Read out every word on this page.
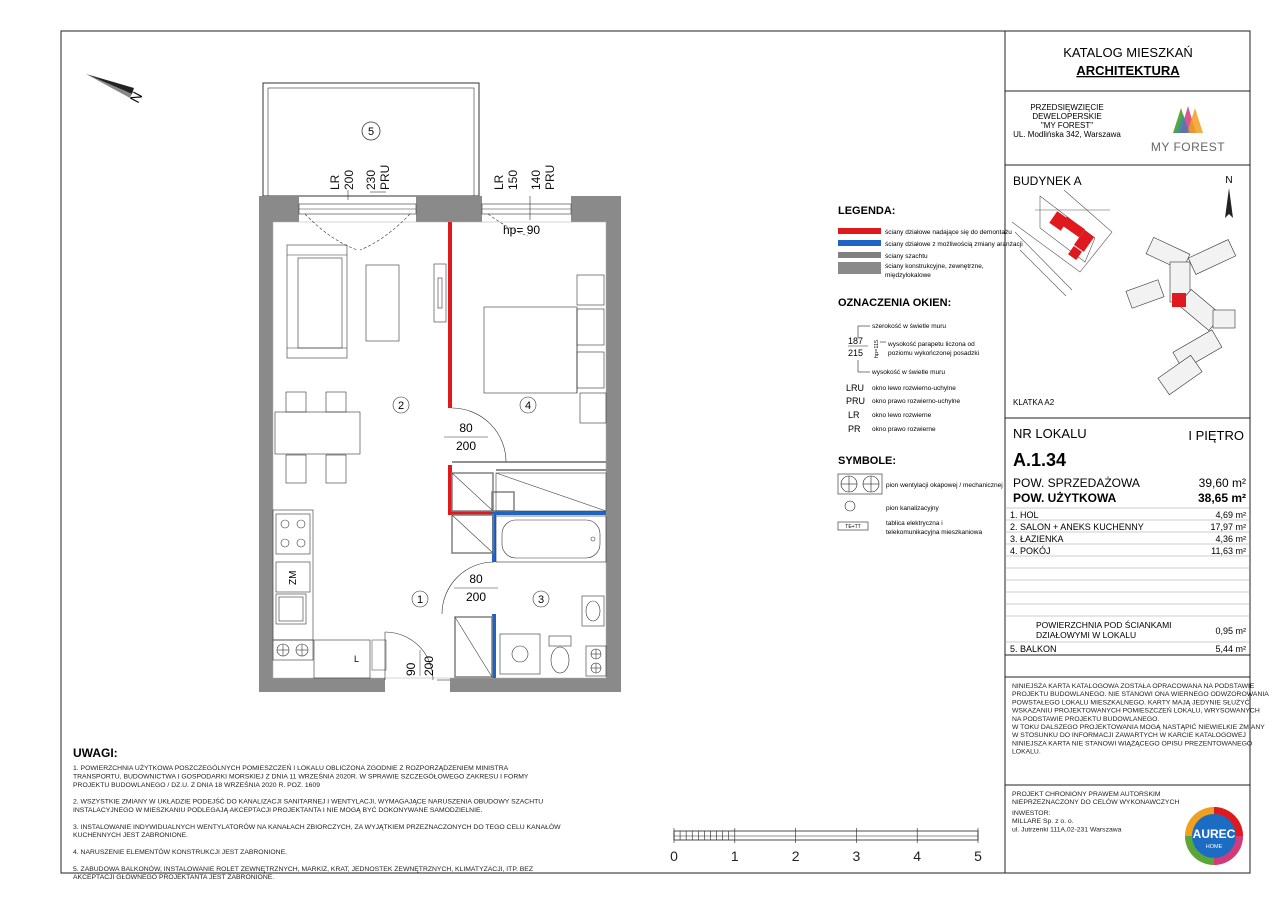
KATALOG MIESZKAŃ
ARCHITEKTURA
PRZEDSIĘWZIĘCIE
DEWELOPERSKIE
"MY FOREST"
UL. Modlińska 342, Warszawa
MY FOREST
BUDYNEK A	N
KLATKA A2
NR LOKALU	I PIĘTRO
A.1.34
POW. SPRZEDAŻOWA	39,60 m²
POW. UŻYTKOWA	38,65 m²
1. HOL	4,69 m²
2. SALON + ANEKS KUCHENNY	17,97 m²
3. ŁAZIENKA	4,36 m²
4. POKÓJ	11,63 m²
POWIERZCHNIA POD ŚCIANKAMI
DZIAŁOWYMI W LOKALU	0,95 m²
5. BALKON	5,44 m²
NINIEJSZA KARTA KATALOGOWA ZOSTAŁA OPRACOWANA NA PODSTAWIE
PROJEKTU BUDOWLANEGO. NIE STANOWI ONA WIERNEGO ODWZOROWANIA
POWSTAŁEGO LOKALU MIESZKALNEGO. KARTY MAJĄ JEDYNIE SŁUŻYĆ
WSKAZANIU PROJEKTOWANYCH POMIESZCZEŃ LOKALU, WRYSOWANYCH
NA PODSTAWIE PROJEKTU BUDOWLANEGO.
W TOKU DALSZEGO PROJEKTOWANIA MOGĄ NASTĄPIĆ NIEWIELKIE ZMIANY
W STOSUNKU DO INFORMACJI ZAWARTYCH W KARCIE KATALOGOWEJ
NINIEJSZA KARTA NIE STANOWI WIĄŻĄCEGO OPISU PREZENTOWANEGO
LOKALU.
PROJEKT CHRONIONY PRAWEM AUTORSKIM
NIEPRZEZNACZONY DO CELÓW WYKONAWCZYCH
INWESTOR:
MILLARE Sp. z o. o.
ul. Jutrzenki 111A,02-231 Warszawa	AUREC
HOME
LEGENDA:
ściany działowe nadające się do demontażu
ściany działowe z możliwością zmiany aranżacji
ściany szachtu
ściany konstrukcyjne, zewnętrzne,
międzylokalowe
OZNACZENIA OKIEN:
szerokość w świetle muru
187
215 hp=115 wysokość parapetu liczona od
poziomu wykończonej posadzki
wysokość w świetle muru
LRU okno lewo rozwierno-uchylne
PRU okno prawo rozwierno-uchylne
LR okno lewo rozwierne
PR okno prawo rozwierne
SYMBOLE:
pion wentylacji okapowej / mechanicznej
pion kanalizacyjny
TE+TT	tablica elektryczna i
telekomunikacyjna mieszkaniowa
UWAGI:
1. POWIERZCHNIA UŻYTKOWA POSZCZEGÓLNYCH POMIESZCZEŃ I LOKALU OBLICZONA ZGODNIE Z ROZPORZĄDZENIEM MINISTRA
TRANSPORTU, BUDOWNICTWA I GOSPODARKI MORSKIEJ Z DNIA 11 WRZEŚNIA 2020R. W SPRAWIE SZCZEGÓŁOWEGO ZAKRESU I FORMY
PROJEKTU BUDOWLANEGO / DZ.U. Z DNIA 18 WRZEŚNIA 2020 R. POZ. 1609
2. WSZYSTKIE ZMIANY W UKŁADZIE PODEJŚĆ DO KANALIZACJI SANITARNEJ I WENTYLACJI, WYMAGAJĄCE NARUSZENIA OBUDOWY SZACHTU
INSTALACYJNEGO W MIESZKANIU PODLEGAJĄ AKCEPTACJI PROJEKTANTA I NIE MOGĄ BYĆ DOKONYWANE SAMODZIELNIE.
3. INSTALOWANIE INDYWIDUALNYCH WENTYLATORÓW NA KANAŁACH ZBIORCZYCH, ZA WYJĄTKIEM PRZEZNACZONYCH DO TEGO CELU KANAŁÓW
KUCHENNYCH JEST ZABRONIONE.
4. NARUSZENIE ELEMENTÓW KONSTRUKCJI JEST ZABRONIONE.
5. ZABUDOWA BALKONÓW, INSTALOWANIE ROLET ZEWNĘTRZNYCH, MARKIZ, KRAT, JEDNOSTEK ZEWNĘTRZNYCH, KLIMATYZACJI, ITP. BEZ
AKCEPTACJI GŁÓWNEGO PROJEKTANTA JEST ZABRONIONE.
0	1	2	3	4	5
5
LR 200 230 PRU	LR 150 140 PRU
hp= 90
2
ZM
L
1
90 200
80
200
80
200
4
3
N
